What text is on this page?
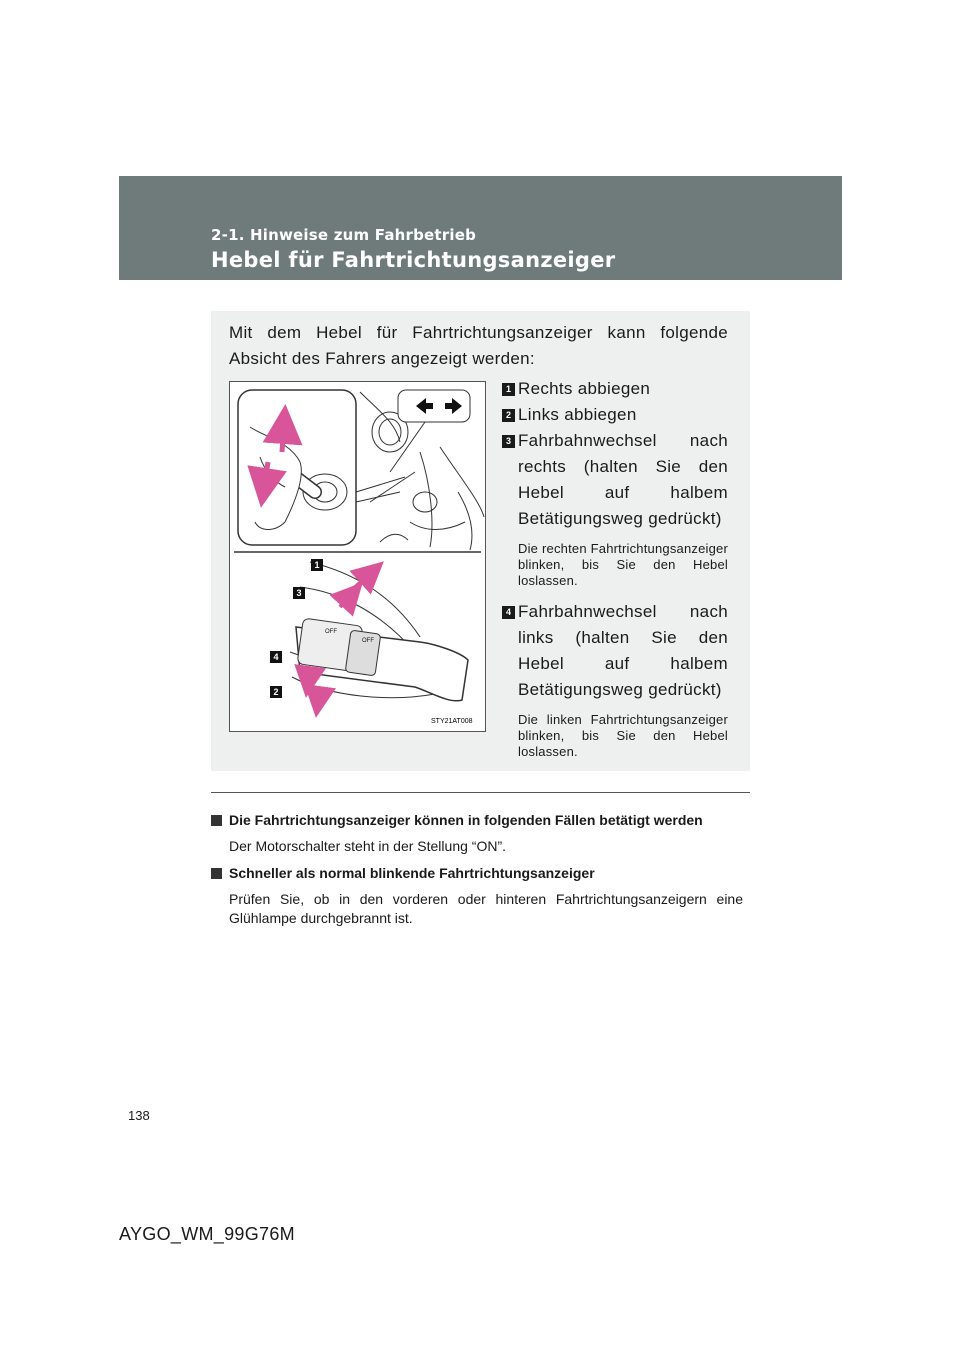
2-1. Hinweise zum Fahrbetrieb
Hebel für Fahrtrichtungsanzeiger
Mit dem Hebel für Fahrtrichtungsanzeiger kann folgende Absicht des Fahrers angezeigt werden:
OFF
OFF
1
3
4
2
STY21AT008
1 Rechts abbiegen
2 Links abbiegen
3 Fahrbahnwechsel nach rechts (halten Sie den Hebel auf halbem Betätigungsweg gedrückt)
Die rechten Fahrtrichtungsanzeiger blinken, bis Sie den Hebel loslassen.
4 Fahrbahnwechsel nach links (halten Sie den Hebel auf halbem Betätigungsweg gedrückt)
Die linken Fahrtrichtungsanzeiger blinken, bis Sie den Hebel loslassen.
Die Fahrtrichtungsanzeiger können in folgenden Fällen betätigt werden
Der Motorschalter steht in der Stellung “ON”.
Schneller als normal blinkende Fahrtrichtungsanzeiger
Prüfen Sie, ob in den vorderen oder hinteren Fahrtrichtungsanzeigern eine Glühlampe durchgebrannt ist.
138
AYGO_WM_99G76M
